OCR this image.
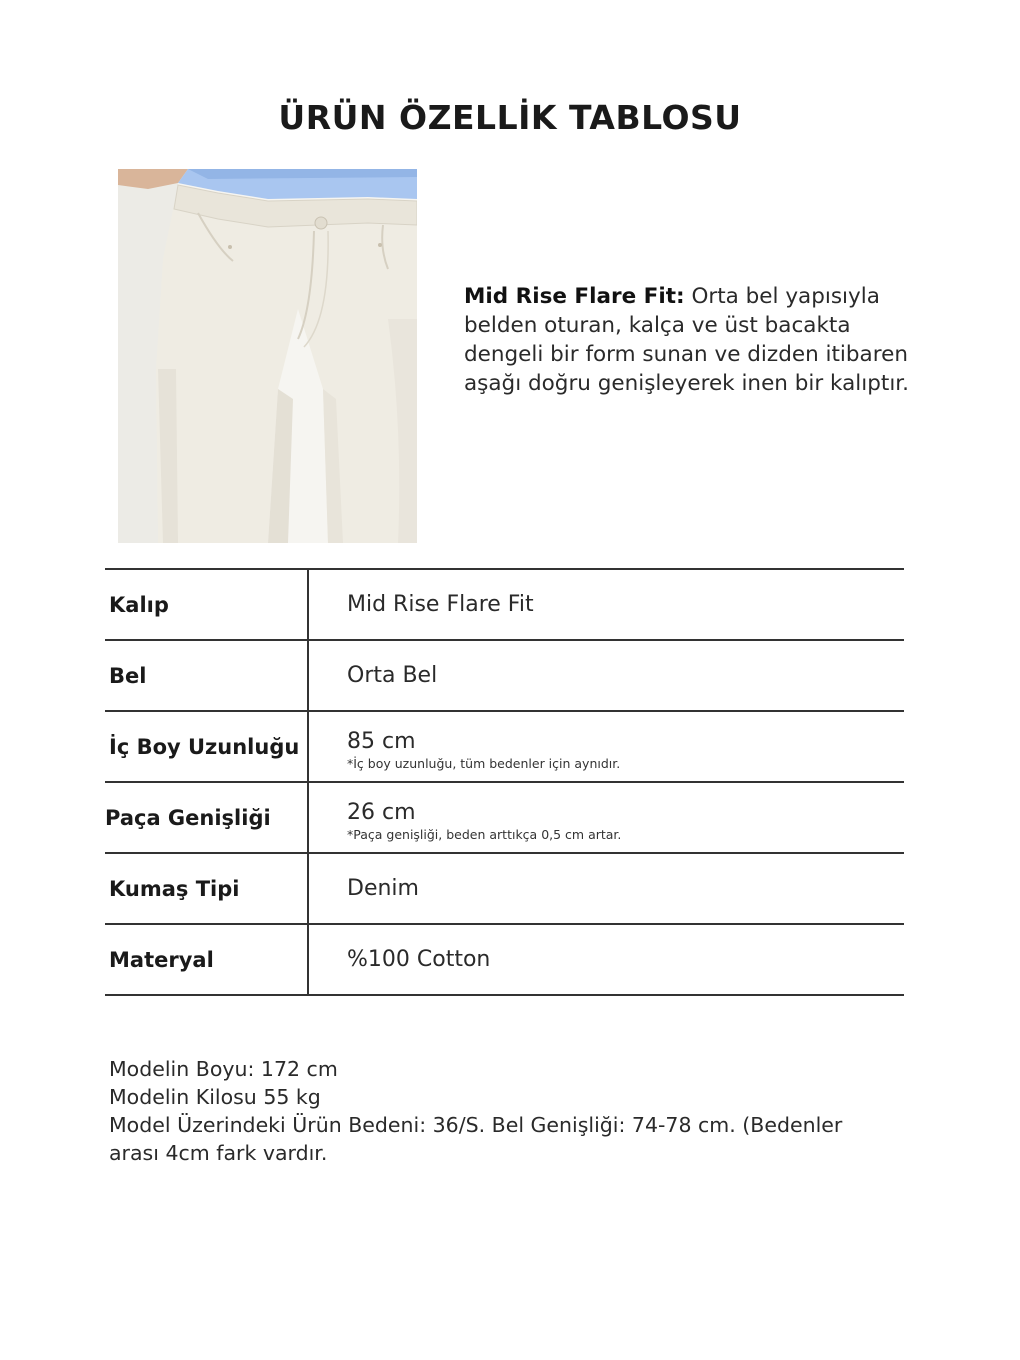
ÜRÜN ÖZELLİK TABLOSU
Mid Rise Flare Fit: Orta bel yapısıyla belden oturan, kalça ve üst bacakta dengeli bir form sunan ve dizden itibaren aşağı doğru genişleyerek inen bir kalıptır.
Kalıp	Mid Rise Flare Fit
Bel	Orta Bel
İç Boy Uzunluğu	85 cm
*İç boy uzunluğu, tüm bedenler için aynıdır.
Paça Genişliği	26 cm
*Paça genişliği, beden arttıkça 0,5 cm artar.
Kumaş Tipi	Denim
Materyal	%100 Cotton
Modelin Boyu: 172 cm
Modelin Kilosu 55 kg
Model Üzerindeki Ürün Bedeni: 36/S. Bel Genişliği: 74-78 cm. (Bedenler
arası 4cm fark vardır.
